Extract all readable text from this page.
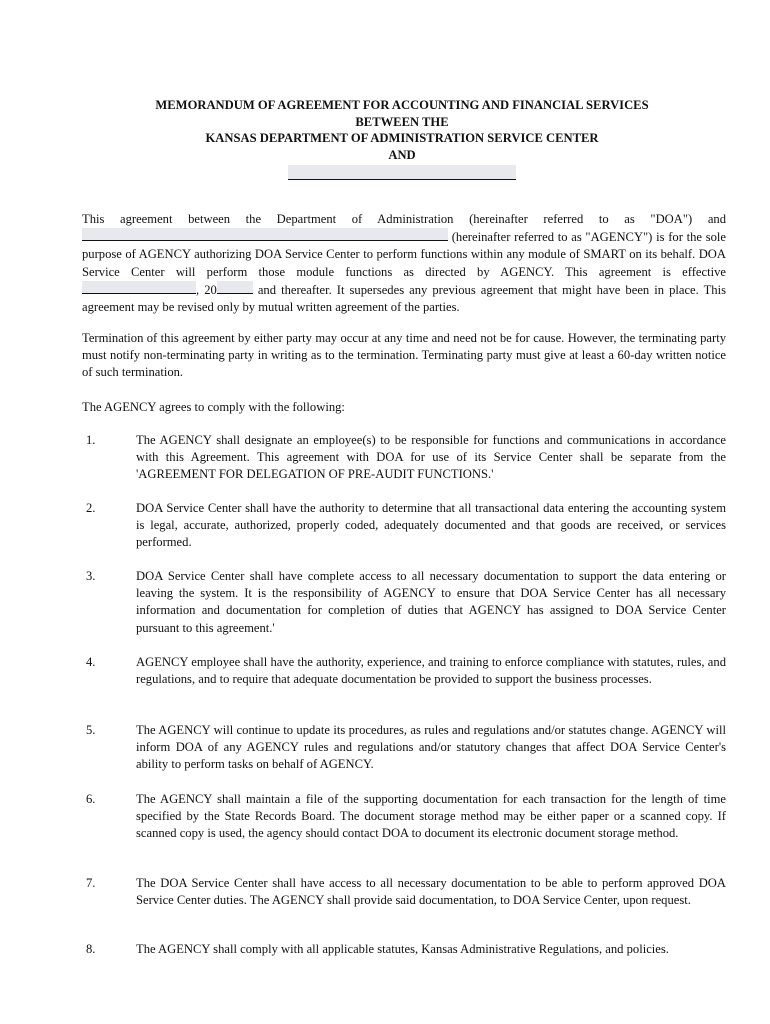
MEMORANDUM OF AGREEMENT FOR ACCOUNTING AND FINANCIAL SERVICES
BETWEEN THE
KANSAS DEPARTMENT OF ADMINISTRATION SERVICE CENTER
AND
This agreement between the Department of Administration (hereinafter referred to as "DOA") and  (hereinafter referred to as "AGENCY") is for the sole purpose of AGENCY authorizing DOA Service Center to perform functions within any module of SMART on its behalf. DOA Service Center will perform those module functions as directed by AGENCY. This agreement is effective , 20	and thereafter. It supersedes any previous agreement that might have been in place. This agreement may be revised only by mutual written agreement of the parties.
Termination of this agreement by either party may occur at any time and need not be for cause. However, the terminating party must notify non-terminating party in writing as to the termination. Terminating party must give at least a 60-day written notice of such termination.
The AGENCY agrees to comply with the following:
1.	The AGENCY shall designate an employee(s) to be responsible for functions and communications in accordance with this Agreement. This agreement with DOA for use of its Service Center shall be separate from the 'AGREEMENT FOR DELEGATION OF PRE-AUDIT FUNCTIONS.'
2.	DOA Service Center shall have the authority to determine that all transactional data entering the accounting system is legal, accurate, authorized, properly coded, adequately documented and that goods are received, or services performed.
3.	DOA Service Center shall have complete access to all necessary documentation to support the data entering or leaving the system. It is the responsibility of AGENCY to ensure that DOA Service Center has all necessary information and documentation for completion of duties that AGENCY has assigned to DOA Service Center pursuant to this agreement.'
4.	AGENCY employee shall have the authority, experience, and training to enforce compliance with statutes, rules, and regulations, and to require that adequate documentation be provided to support the business processes.
5.	The AGENCY will continue to update its procedures, as rules and regulations and/or statutes change. AGENCY will inform DOA of any AGENCY rules and regulations and/or statutory changes that affect DOA Service Center's ability to perform tasks on behalf of AGENCY.
6.	The AGENCY shall maintain a file of the supporting documentation for each transaction for the length of time specified by the State Records Board. The document storage method may be either paper or a scanned copy. If scanned copy is used, the agency should contact DOA to document its electronic document storage method.
7.	The DOA Service Center shall have access to all necessary documentation to be able to perform approved DOA Service Center duties. The AGENCY shall provide said documentation, to DOA Service Center, upon request.
8.	The AGENCY shall comply with all applicable statutes, Kansas Administrative Regulations, and policies.
